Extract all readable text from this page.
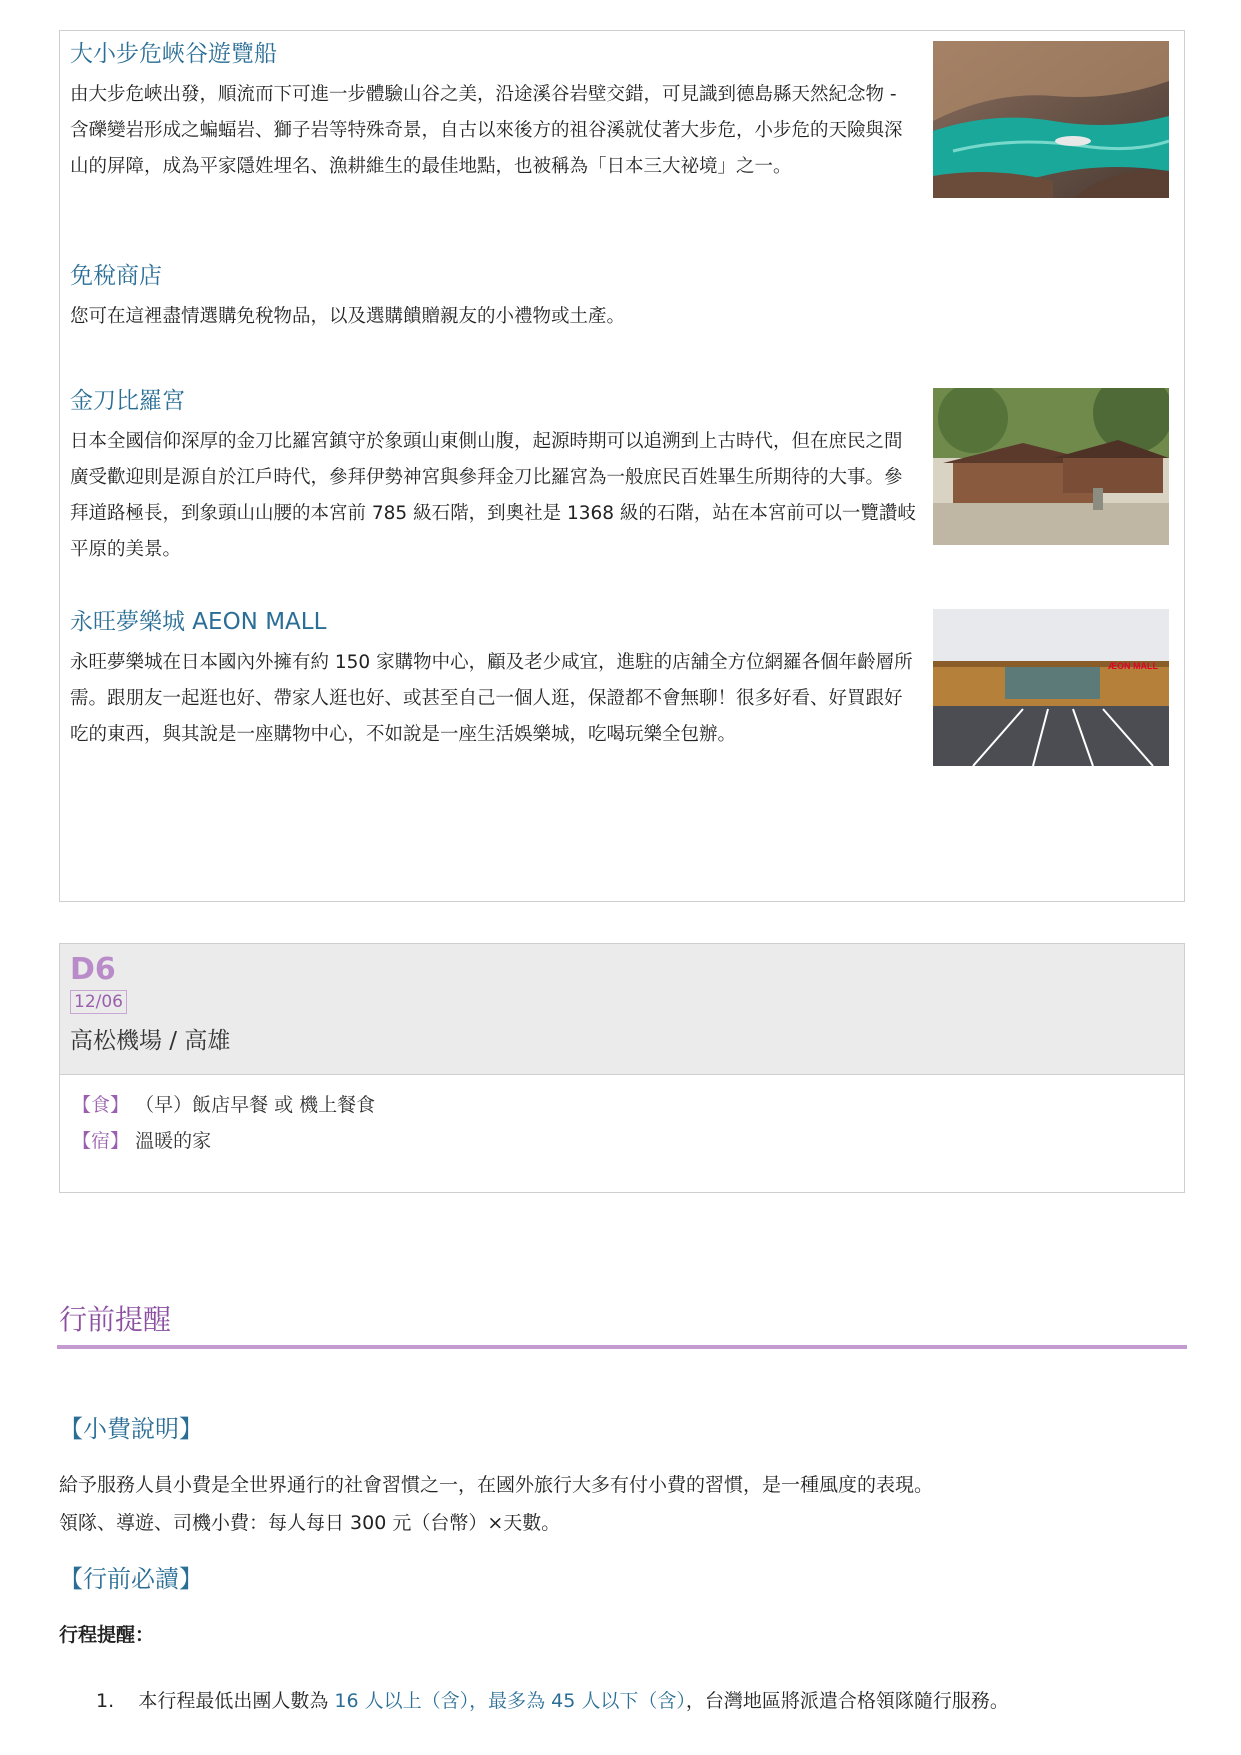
大小步危峽谷遊覽船
由大步危峽出發，順流而下可進一步體驗山谷之美，沿途溪谷岩壁交錯，可見識到德島縣天然紀念物 - 含礫變岩形成之蝙蝠岩、獅子岩等特殊奇景，自古以來後方的祖谷溪就仗著大步危，小步危的天險與深山的屏障，成為平家隱姓埋名、漁耕維生的最佳地點，也被稱為「日本三大祕境」之一。
免稅商店
您可在這裡盡情選購免稅物品，以及選購饋贈親友的小禮物或土產。
金刀比羅宮
日本全國信仰深厚的金刀比羅宮鎮守於象頭山東側山腹，起源時期可以追溯到上古時代，但在庶民之間廣受歡迎則是源自於江戶時代，參拜伊勢神宮與參拜金刀比羅宮為一般庶民百姓畢生所期待的大事。參拜道路極長，到象頭山山腰的本宮前 785 級石階，到奧社是 1368 級的石階，站在本宮前可以一覽讚岐平原的美景。
永旺夢樂城 AEON MALL
永旺夢樂城在日本國內外擁有約 150 家購物中心，顧及老少咸宜，進駐的店舖全方位網羅各個年齡層所需。跟朋友一起逛也好、帶家人逛也好、或甚至自己一個人逛，保證都不會無聊！很多好看、好買跟好吃的東西，與其說是一座購物中心，不如說是一座生活娛樂城，吃喝玩樂全包辦。
ÆON MALL
D6
12/06
高松機場 / 高雄
【食】 （早）飯店早餐 或 機上餐食
【宿】 溫暖的家
行前提醒
【小費說明】
給予服務人員小費是全世界通行的社會習慣之一，在國外旅行大多有付小費的習慣，是一種風度的表現。
領隊、導遊、司機小費：每人每日 300 元（台幣）×天數。
【行前必讀】
行程提醒：
1. 本行程最低出團人數為 16 人以上（含），最多為 45 人以下（含），台灣地區將派遣合格領隊隨行服務。
